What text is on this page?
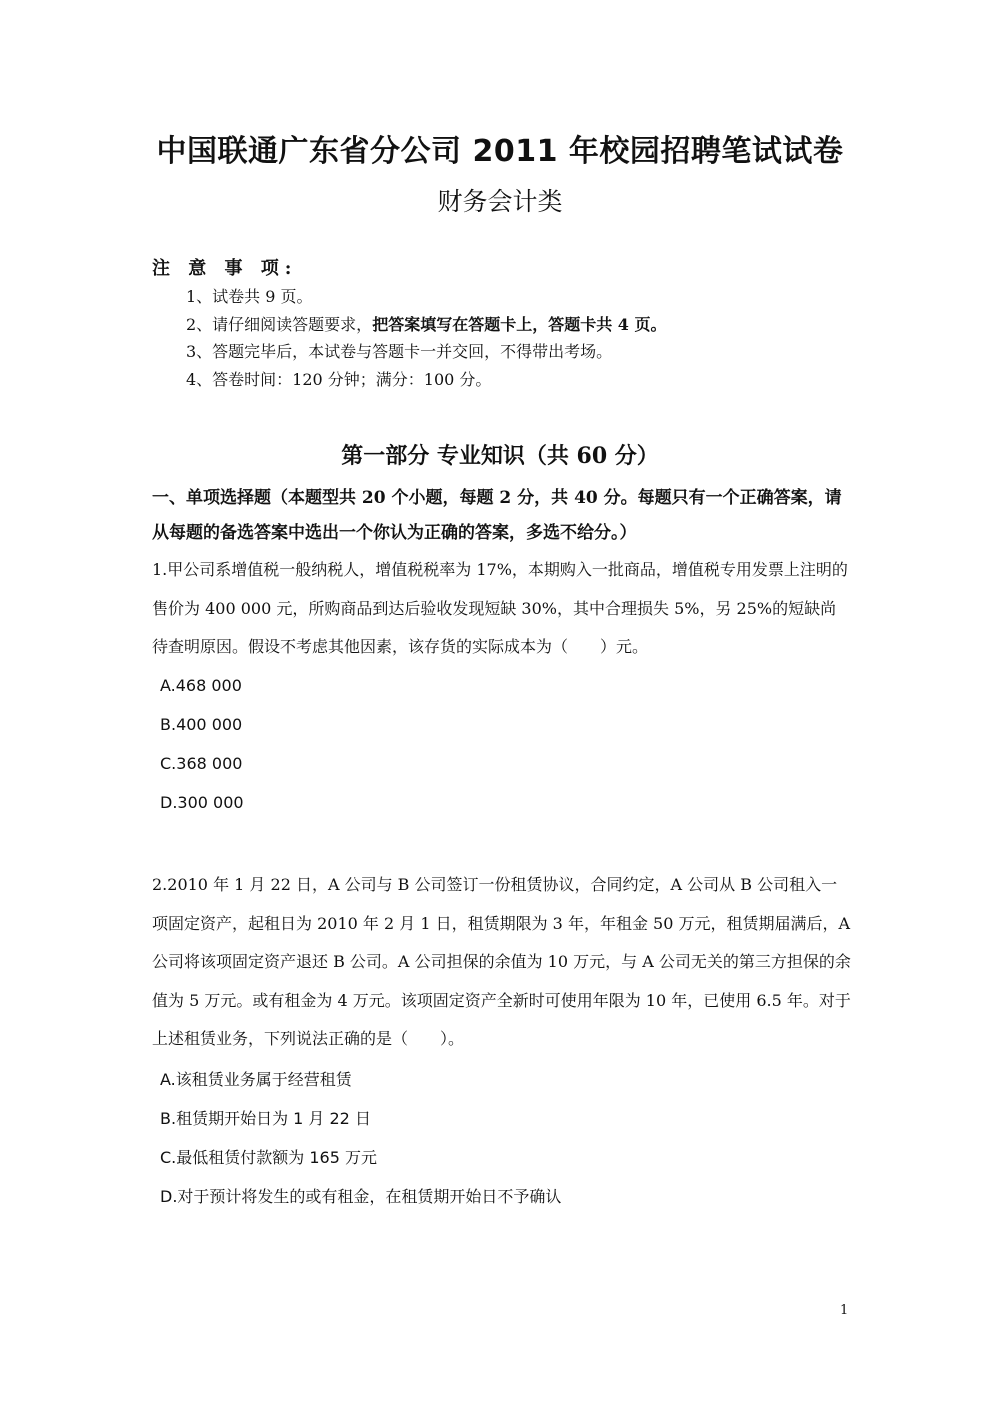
中国联通广东省分公司 2011 年校园招聘笔试试卷
财务会计类
注 意 事 项:
1、试卷共 9 页。
2、请仔细阅读答题要求，把答案填写在答题卡上，答题卡共 4 页。
3、答题完毕后，本试卷与答题卡一并交回，不得带出考场。
4、答卷时间：120 分钟；满分：100 分。
第一部分 专业知识（共 60 分）
一、单项选择题（本题型共 20 个小题，每题 2 分，共 40 分。每题只有一个正确答案，请从每题的备选答案中选出一个你认为正确的答案，多选不给分。）
1.甲公司系增值税一般纳税人，增值税税率为 17%，本期购入一批商品，增值税专用发票上注明的售价为 400 000 元，所购商品到达后验收发现短缺 30%，其中合理损失 5%，另 25%的短缺尚待查明原因。假设不考虑其他因素，该存货的实际成本为（　　）元。
A.468 000
B.400 000
C.368 000
D.300 000
2.2010 年 1 月 22 日，A 公司与 B 公司签订一份租赁协议，合同约定，A 公司从 B 公司租入一项固定资产，起租日为 2010 年 2 月 1 日，租赁期限为 3 年，年租金 50 万元，租赁期届满后，A 公司将该项固定资产退还 B 公司。A 公司担保的余值为 10 万元，与 A 公司无关的第三方担保的余值为 5 万元。或有租金为 4 万元。该项固定资产全新时可使用年限为 10 年，已使用 6.5 年。对于上述租赁业务，下列说法正确的是（　　）。
A.该租赁业务属于经营租赁
B.租赁期开始日为 1 月 22 日
C.最低租赁付款额为 165 万元
D.对于预计将发生的或有租金，在租赁期开始日不予确认
1
